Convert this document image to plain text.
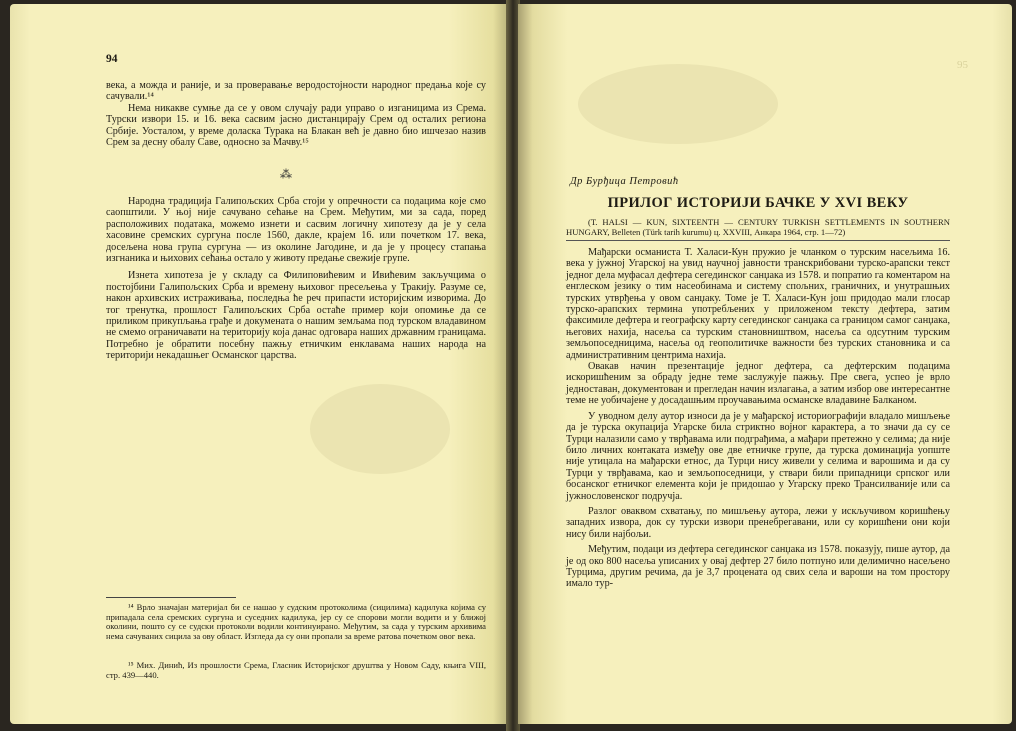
94

века, а можда и раније, и за проверавање веродостојности народног предања које су сачували.¹⁴

Нема никакве сумње да се у овом случају ради управо о изганицима из Срема. Турски извори 15. и 16. века сасвим јасно дистанцирају Срем од осталих региона Србије. Уосталом, у време доласка Турака на Блакан већ је давно био ишчезао назив Срем за десну обалу Саве, односно за Мачву.¹⁵

⁂

Народна традиција Галипољских Срба стоји у опречности са подацима које смо саопштили. У њој није сачувано сећање на Срем. Међутим, ми за сада, поред расположивих података, можемо изнети и сасвим логичну хипотезу да је у села хасовине сремских сургуна после 1560, дакле, крајем 16. или почетком 17. века, досељена нова група сургуна — из околине Јагодине, и да је у процесу стапања изгнаника и њихових сећања остало у животу предање свежије групе.

Изнета хипотеза је у складу са Филиповићевим и Ивићевим закључцима о постојбини Галипољских Срба и времену њиховог пресељења у Тракију. Разуме се, након архивских истраживања, последња ће реч припасти историјским изворима. До тог тренутка, прошлост Галипољских Срба остаће пример који опомиње да се приликом прикупљања грађе и докумената о нашим земљама под турском владавином не смемо ограничавати на територију која данас одговара наших државним границама. Потребно је обратити посебну пажњу етничким енклавама наших народа на територији некадашњег Османског царства.

¹⁴ Врло значајан материјал би се нашао у судским протоколима (сицилима) кадилука којима су припадала села сремских сургуна и суседних кадилука, јер су се спорови могли водити и у ближој околини, пошто су се судски протоколи водили континуирано. Међутим, за сада у турским архивима нема сачуваних сицила за ову област. Изгледа да су они пропали за време ратова почетком овог века.

¹⁵ Мих. Динић, Из прошлости Срема, Гласник Историјског друштва у Новом Саду, књига VIII, стр. 439—440.

95
Др Бурђица Петровић
ПРИЛОГ ИСТОРИЈИ БАЧКЕ У XVI ВЕКУ

(Т. HALSI — KUN, SIXTEENTH — CENTURY TURKISH SETTLEMENTS IN SOUTHERN HUNGARY, Belleten (Türk tarih kurumu) ц. XXVIII, Анкара 1964, стр. 1—72)

Мађарски османиста Т. Халаси-Кун пружио је чланком о турским насељима 16. века у јужној Угарској на увид научној јавности транскрибовани турско-арапски текст једног дела муфасал дефтера сегединског санџака из 1578. и попратио га коментаром на енглеском језику о тим насеобинама и систему спољних, граничних, и унутрашњих турских утврђења у овом санџаку. Томе је Т. Халаси-Кун још придодао мали глосар турско-арапских термина употребљених у приложеном тексту дефтера, затим факсимиле дефтера и географску карту сегединског санџака са границом самог санџака, његових нахија, насеља са турским становништвом, насеља са одсутним турским земљопоседницима, насеља од геополитичке важности без турских становника и са административним центрима нахија.

Овакав начин презентације једног дефтера, са дефтерским подацима искоришћеним за обраду једне теме заслужује пажњу. Пре свега, успео је врло једноставан, документован и прегледан начин излагања, а затим избор ове интересантне теме не уобичајене у досадашњим проучавањима османске владавине Балканом.

У уводном делу аутор износи да је у мађарској историографији владало мишљење да је турска окупација Угарске била стриктно војног карактера, а то значи да су се Турци налазили само у тврђавама или подграђима, а мађари претежно у селима; да није било личних контаката између ове две етничке групе, да турска доминација уопште није утицала на мађарски етнос, да Турци нису живели у селима и варошима и да су Турци у тврђавама, као и земљопоседници, у ствари били припадници српског или босанског етничког елемента који је придошао у Угарску преко Трансилваније или са јужнословенског подручја.

Разлог оваквом схватању, по мишљењу аутора, лежи у искључивом коришћењу западних извора, док су турски извори пренебрегавани, или су коришћени они који нису били најбољи.

Међутим, подаци из дефтера сегединског санџака из 1578. показују, пише аутор, да је од око 800 насеља уписаних у овај дефтер 27 било потпуно или делимично насељено Турцима, другим речима, да је 3,7 процената од свих села и вароши на том простору имало тур-
